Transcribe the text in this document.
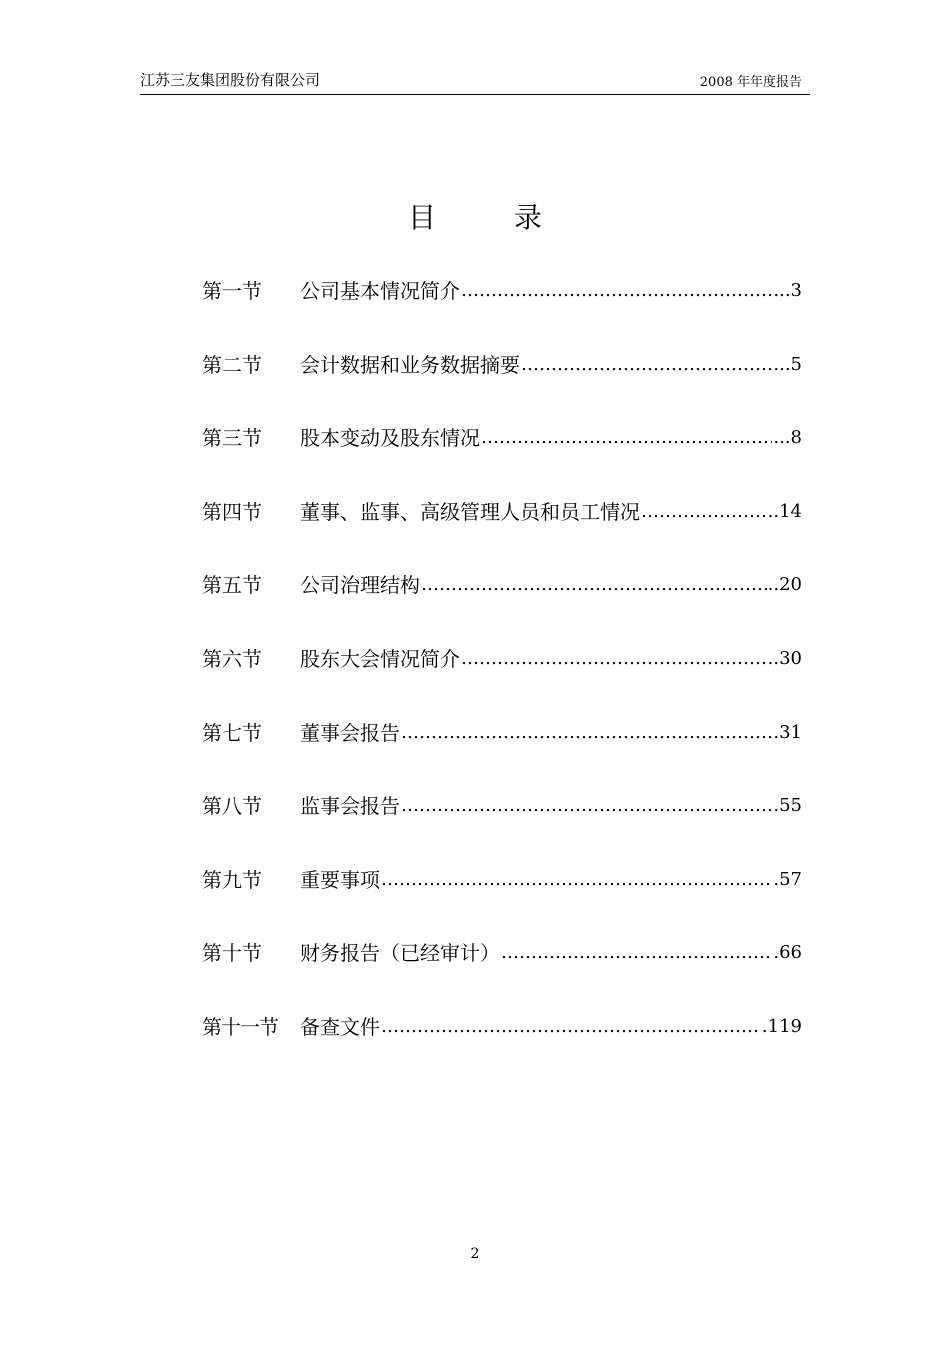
江苏三友集团股份有限公司	2008 年年度报告
目录
第一节	公司基本情况简介 ……………………………………………………………………………………	...3
第二节	会计数据和业务数据摘要 ……………………………………………………………………………………	...5
第三节	股本变动及股东情况 ……………………………………………………………………………………	...8
第四节	董事、监事、高级管理人员和员工情况 ……………………………………………………………………………………	..14
第五节	公司治理结构 ……………………………………………………………………………………	..20
第六节	股东大会情况简介 ……………………………………………………………………………………	..30
第七节	董事会报告 ……………………………………………………………………………………	.31
第八节	监事会报告 ……………………………………………………………………………………	.55
第九节	重要事项 ……………………………………………………………………………………	.57
第十节	财务报告（已经审计） ……………………………………………………………………………………	.66
第十一节	备查文件 ……………………………………………………………………………………	.119
2
